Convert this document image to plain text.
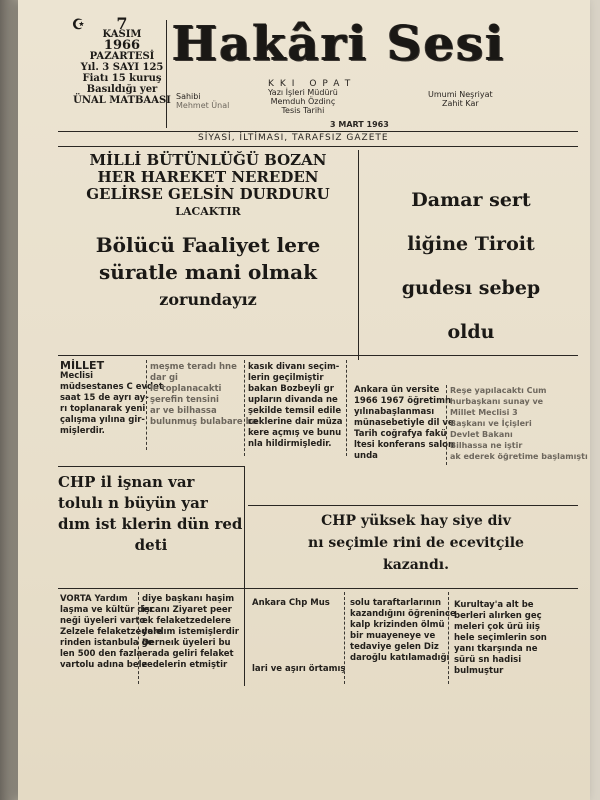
☪	7
KASIM
1966
PAZARTESİ
Yıl. 3 SAYI 125
Fiatı 15 kuruş
Basıldığı yer
ÜNAL MATBAASI
Hakâri Sesi
KKI OPAT
Sahibi
Mehmet Ünal
Yazı İşleri Müdürü
Memduh Özdinç
Tesis Tarihi
3 MART 1963
Umumi Neşriyat
Zahit Kar
SİYASİ, İLTİMASI, TARAFSIZ GAZETE
MİLLİ BÜTÜNLÜĞÜ BOZAN
HER HAREKET NEREDEN
GELİRSE GELSİN DURDURU
LACAKTIR
Bölücü Faaliyet lere
süratle mani olmak
zorundayız
Damar sert
liğine Tiroit
gudesı sebep
oldu
MİLLET
Meclisi
müdsestanes C evdet
saat 15 de ayrı ay-
rı toplanarak yeni
çalışma yılına gir-
mişlerdir.
meşme teradı hne
dar gi
le toplanacakti
şerefin tensini
ar ve bilhassa
bulunmuş bulabare ba
kasık divanı seçim-
lerin geçilmiştir
bakan Bozbeyli gr
upların divanda ne
şekilde temsil edile
ceklerine dair müza
kere açmış ve bunu
nla hildirmişledir.
Ankara ün versite
1966 1967 öğretimn
yılınabaşlanması
münasebetiyle dil ve
Tarih coğrafya fakü
ltesi konferans salon
unda
Reşe yapılacaktı Cum
hurbaşkanı sunay ve
Millet Meclisi 3
Başkanı ve İçişleri
Devlet Bakanı
Bilhassa ne iştir
ak ederek öğretime başlamıştı
CHP il işnan var
tolulı n büyün yar
dım ist klerin dün red
deti
CHP yüksek hay siye div
nı seçimle rini de ecevitçile
kazandı.
VORTA Yardım
laşma ve kültür der
neği üyeleri varto
Zelzele felaketzedele
rinden istanbula ge
len 500 den fazla
vartolu adına bele
diye başkanı haşim
işcanı Ziyaret peer
ek felaketzedelere
yardım istemişlerdir
Derneık üyeleri bu
erada geliri felaket
zedelerin etmiştir
Ankara Chp Mus
lari ve aşırı örtamış
solu taraftarlarının
kazandığını öğrenince
kalp krizinden ölmü
bir muayeneye ve
tedaviye gelen Diz
daroğlu katılamadığı
Kurultay'a alt be
berleri alırken geç
meleri çok ürü iıiş
hele seçimlerin son
yanı tkarşında ne
sürü sn hadisi
bulmuştur
